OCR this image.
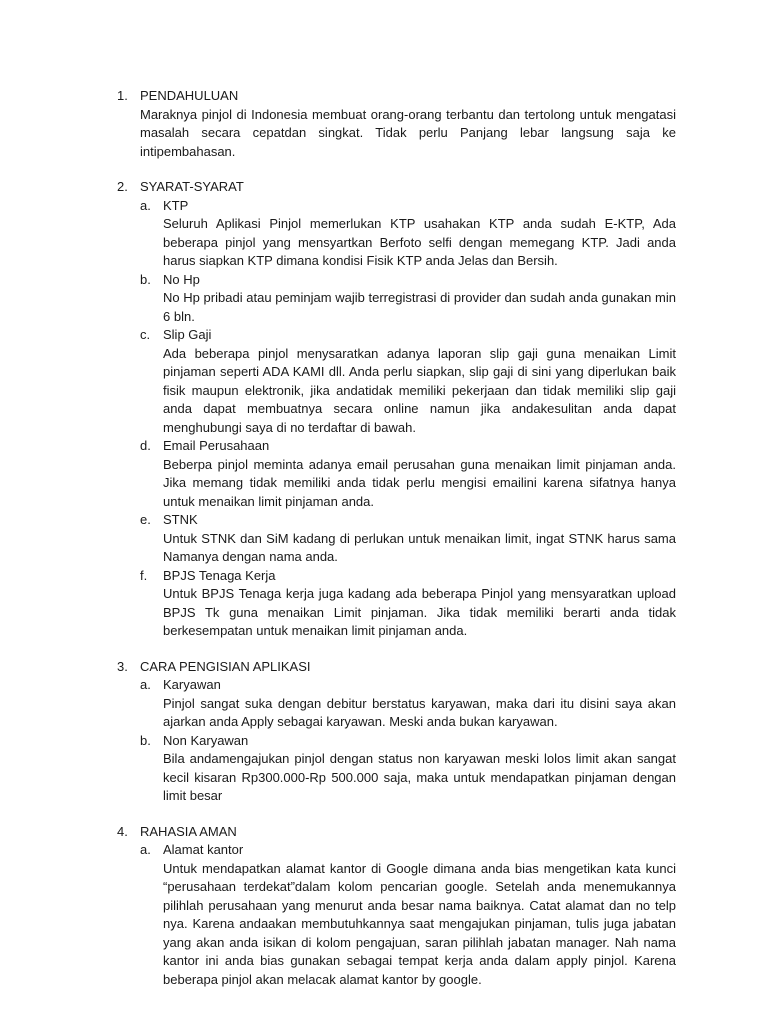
1. PENDAHULUAN
Maraknya pinjol di Indonesia membuat orang-orang terbantu dan tertolong untuk mengatasi masalah secara cepatdan singkat. Tidak perlu Panjang lebar langsung saja ke intipembahasan.
2. SYARAT-SYARAT
a. KTP
Seluruh Aplikasi Pinjol memerlukan KTP usahakan KTP anda sudah E-KTP, Ada beberapa pinjol yang mensyartkan Berfoto selfi dengan memegang KTP. Jadi anda harus siapkan KTP dimana kondisi Fisik KTP anda Jelas dan Bersih.
b. No Hp
No Hp pribadi atau peminjam wajib terregistrasi di provider dan sudah anda gunakan min 6 bln.
c. Slip Gaji
Ada beberapa pinjol menysaratkan adanya laporan slip gaji guna menaikan Limit pinjaman seperti ADA KAMI dll. Anda perlu siapkan, slip gaji di sini yang diperlukan baik fisik maupun elektronik, jika andatidak memiliki pekerjaan dan tidak memiliki slip gaji anda dapat membuatnya secara online namun jika andakesulitan anda dapat menghubungi saya di no terdaftar di bawah.
d. Email Perusahaan
Beberpa pinjol meminta adanya email perusahan guna menaikan limit pinjaman anda. Jika memang tidak memiliki anda tidak perlu mengisi emailini karena sifatnya hanya untuk menaikan limit pinjaman anda.
e. STNK
Untuk STNK dan SiM kadang di perlukan untuk menaikan limit, ingat STNK harus sama Namanya dengan nama anda.
f.	BPJS Tenaga Kerja
Untuk BPJS Tenaga kerja juga kadang ada beberapa Pinjol yang mensyaratkan upload BPJS Tk guna menaikan Limit pinjaman. Jika tidak memiliki berarti anda tidak berkesempatan untuk menaikan limit pinjaman anda.
3. CARA PENGISIAN APLIKASI
a. Karyawan
Pinjol sangat suka dengan debitur berstatus karyawan, maka dari itu disini saya akan ajarkan anda Apply sebagai karyawan. Meski anda bukan karyawan.
b. Non Karyawan
Bila andamengajukan pinjol dengan status non karyawan meski lolos limit akan sangat kecil kisaran Rp300.000-Rp 500.000 saja, maka untuk mendapatkan pinjaman dengan limit besar
4. RAHASIA AMAN
a. Alamat kantor
Untuk mendapatkan alamat kantor di Google dimana anda bias mengetikan kata kunci “perusahaan terdekat”dalam kolom pencarian google. Setelah anda menemukannya pilihlah perusahaan yang menurut anda besar nama baiknya. Catat alamat dan no telp nya. Karena andaakan membutuhkannya saat mengajukan pinjaman, tulis juga jabatan yang akan anda isikan di kolom pengajuan, saran pilihlah jabatan manager. Nah nama kantor ini anda bias gunakan sebagai tempat kerja anda dalam apply pinjol. Karena beberapa pinjol akan melacak alamat kantor by google.
